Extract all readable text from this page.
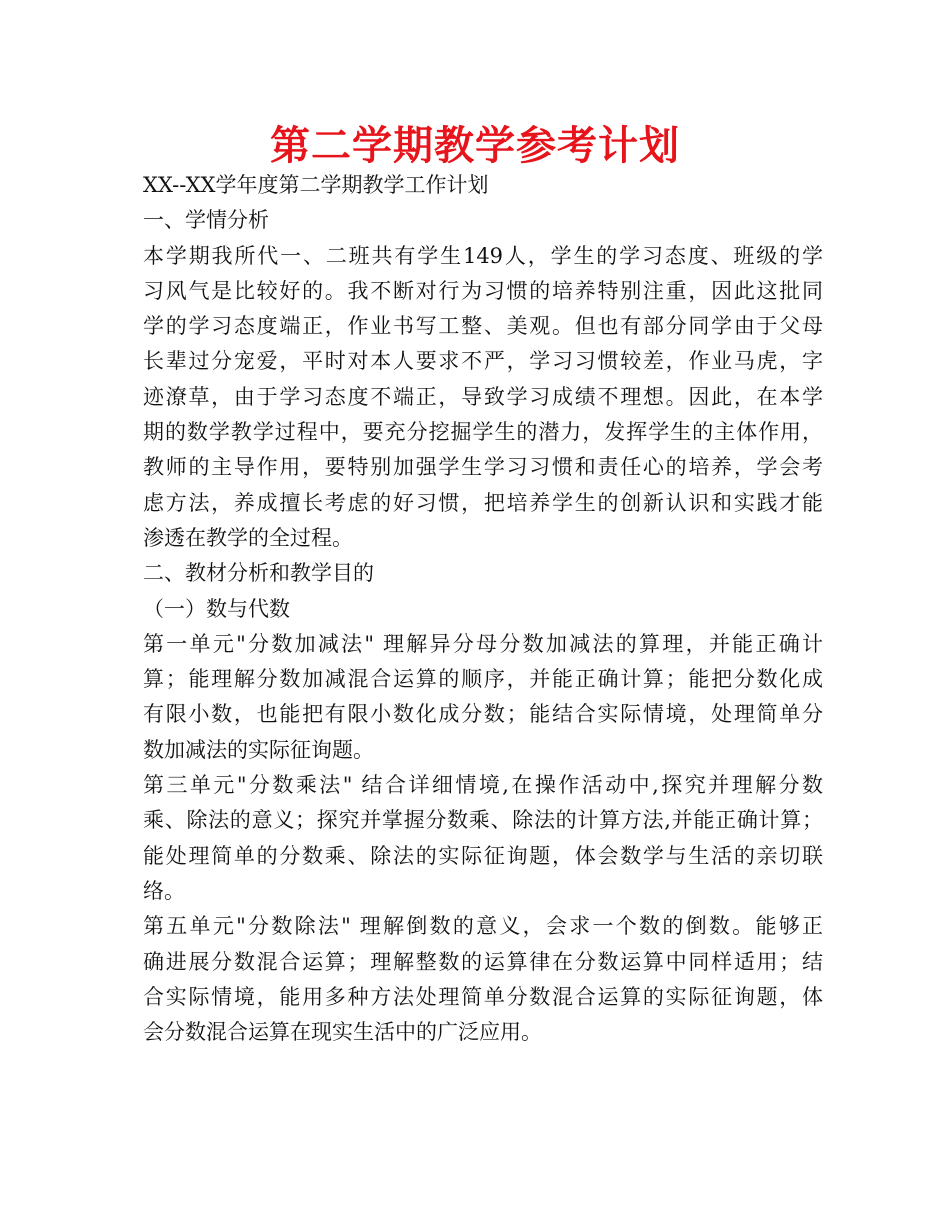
第二学期教学参考计划
XX--XX学年度第二学期教学工作计划
一、学情分析
本学期我所代一、二班共有学生149人，学生的学习态度、班级的学
习风气是比较好的。我不断对行为习惯的培养特别注重，因此这批同
学的学习态度端正，作业书写工整、美观。但也有部分同学由于父母
长辈过分宠爱，平时对本人要求不严，学习习惯较差，作业马虎，字
迹潦草，由于学习态度不端正，导致学习成绩不理想。因此，在本学
期的数学教学过程中，要充分挖掘学生的潜力，发挥学生的主体作用，
教师的主导作用，要特别加强学生学习习惯和责任心的培养，学会考
虑方法，养成擅长考虑的好习惯，把培养学生的创新认识和实践才能
渗透在教学的全过程。
二、教材分析和教学目的
（一）数与代数
第一单元"分数加减法" 理解异分母分数加减法的算理，并能正确计
算；能理解分数加减混合运算的顺序，并能正确计算；能把分数化成
有限小数，也能把有限小数化成分数；能结合实际情境，处理简单分
数加减法的实际征询题。
第三单元"分数乘法" 结合详细情境,在操作活动中,探究并理解分数
乘、除法的意义；探究并掌握分数乘、除法的计算方法,并能正确计算；
能处理简单的分数乘、除法的实际征询题，体会数学与生活的亲切联
络。
第五单元"分数除法" 理解倒数的意义，会求一个数的倒数。能够正
确进展分数混合运算；理解整数的运算律在分数运算中同样适用；结
合实际情境，能用多种方法处理简单分数混合运算的实际征询题，体
会分数混合运算在现实生活中的广泛应用。
